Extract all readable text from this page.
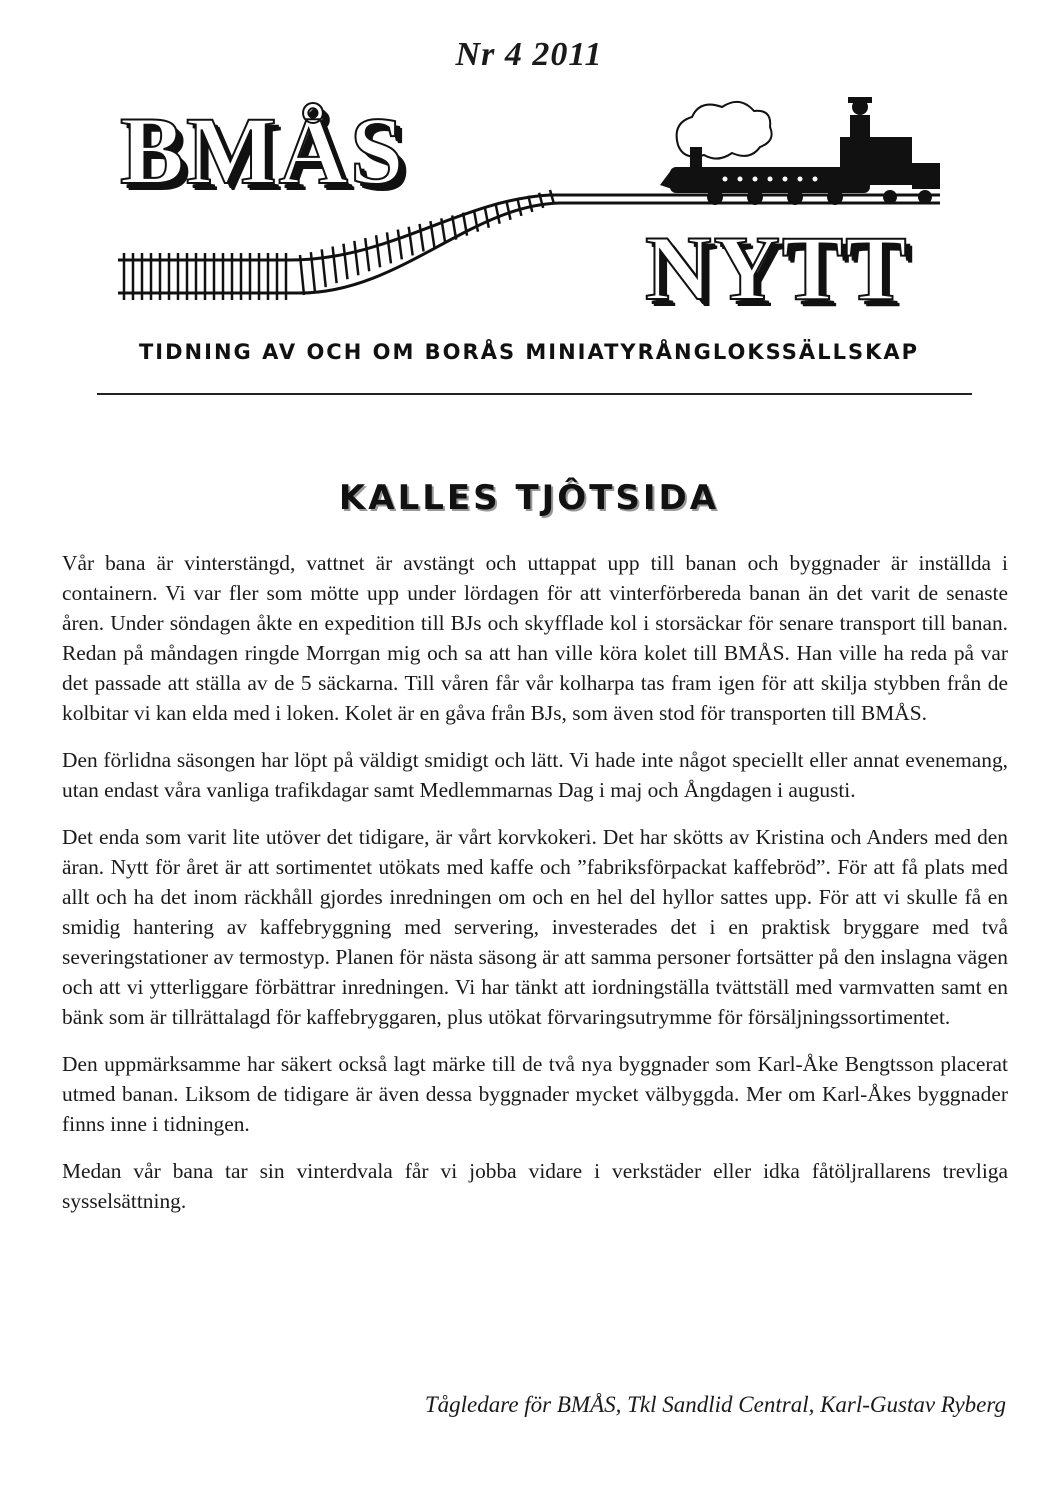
Nr 4 2011
BMÅS
NYTT
TIDNING AV OCH OM BORÅS MINIATYRÅNGLOKSSÄLLSKAP
KALLES TJÔTSIDA

Vår bana är vinterstängd, vattnet är avstängt och uttappat upp till banan och byggnader är inställda i containern. Vi var fler som mötte upp under lördagen för att vinterförbereda banan än det varit de senaste åren. Under söndagen åkte en expedition till BJs och skyfflade kol i storsäckar för senare transport till banan. Redan på måndagen ringde Morrgan mig och sa att han ville köra kolet till BMÅS. Han ville ha reda på var det passade att ställa av de 5 säckarna. Till våren får vår kolharpa tas fram igen för att skilja stybben från de kolbitar vi kan elda med i loken. Kolet är en gåva från BJs, som även stod för transporten till BMÅS.

Den förlidna säsongen har löpt på väldigt smidigt och lätt. Vi hade inte något speciellt eller annat evenemang, utan endast våra vanliga trafikdagar samt Medlemmarnas Dag i maj och Ångdagen i augusti.

Det enda som varit lite utöver det tidigare, är vårt korvkokeri. Det har skötts av Kristina och Anders med den äran. Nytt för året är att sortimentet utökats med kaffe och ”fabriksförpackat kaffebröd”. För att få plats med allt och ha det inom räckhåll gjordes inredningen om och en hel del hyllor sattes upp. För att vi skulle få en smidig hantering av kaffebryggning med servering, investerades det i en praktisk bryggare med två severingstationer av termostyp. Planen för nästa säsong är att samma personer fortsätter på den inslagna vägen och att vi ytterliggare förbättrar inredningen. Vi har tänkt att iordningställa tvättställ med varmvatten samt en bänk som är tillrättalagd för kaffebryggaren, plus utökat förvaringsutrymme för försäljningssortimentet.

Den uppmärksamme har säkert också lagt märke till de två nya byggnader som Karl-Åke Bengtsson placerat utmed banan. Liksom de tidigare är även dessa byggnader mycket välbyggda. Mer om Karl-Åkes byggnader finns inne i tidningen.

Medan vår bana tar sin vinterdvala får vi jobba vidare i verkstäder eller idka fåtöljrallarens trevliga sysselsättning.

Tågledare för BMÅS, Tkl Sandlid Central, Karl-Gustav Ryberg
